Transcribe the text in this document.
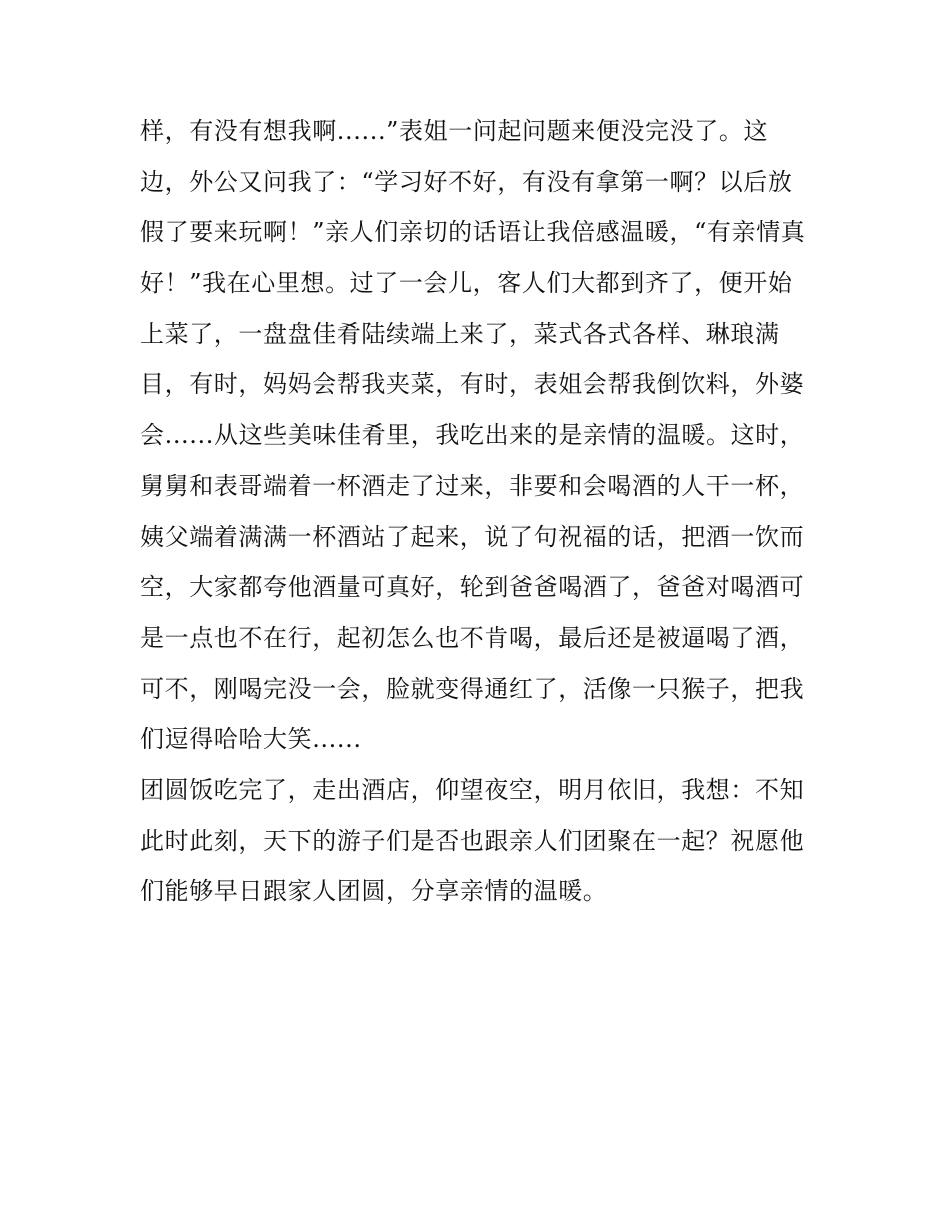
样，有没有想我啊......”表姐一问起问题来便没完没了。这
边，外公又问我了：“学习好不好，有没有拿第一啊？以后放
假了要来玩啊！”亲人们亲切的话语让我倍感温暖，“有亲情真
好！”我在心里想。过了一会儿，客人们大都到齐了，便开始
上菜了，一盘盘佳肴陆续端上来了，菜式各式各样、琳琅满
目，有时，妈妈会帮我夹菜，有时，表姐会帮我倒饮料，外婆
会......从这些美味佳肴里，我吃出来的是亲情的温暖。这时，
舅舅和表哥端着一杯酒走了过来，非要和会喝酒的人干一杯，
姨父端着满满一杯酒站了起来，说了句祝福的话，把酒一饮而
空，大家都夸他酒量可真好，轮到爸爸喝酒了，爸爸对喝酒可
是一点也不在行，起初怎么也不肯喝，最后还是被逼喝了酒，
可不，刚喝完没一会，脸就变得通红了，活像一只猴子，把我
们逗得哈哈大笑......
团圆饭吃完了，走出酒店，仰望夜空，明月依旧，我想：不知
此时此刻，天下的游子们是否也跟亲人们团聚在一起？祝愿他
们能够早日跟家人团圆，分享亲情的温暖。
